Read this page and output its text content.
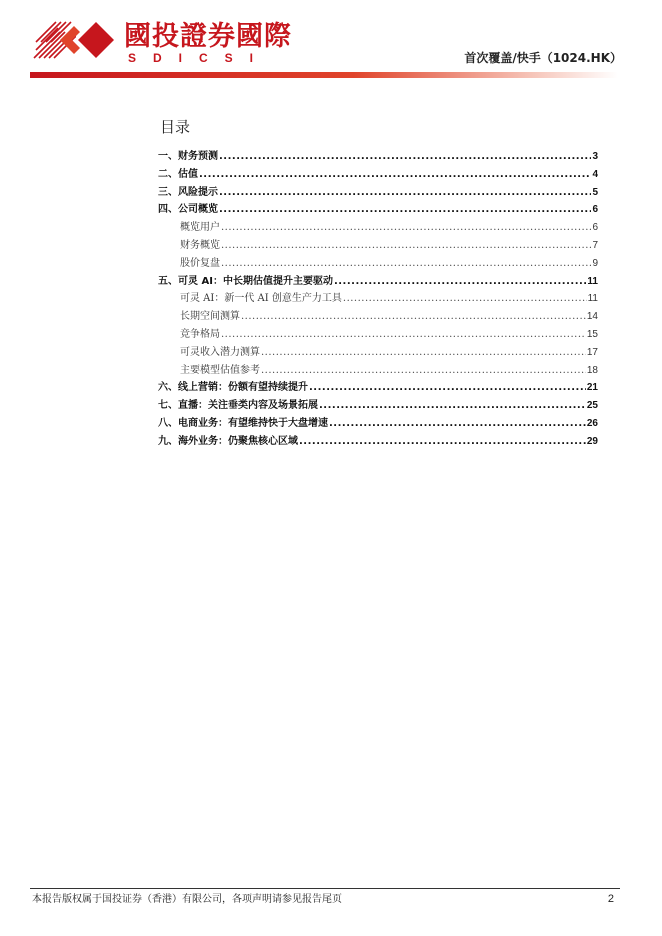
國投證券國際
SDICSI	首次覆盖/快手（1024.HK）
目录
一、财务预测 .....	3
二、估值 .....	4
三、风险提示 .....	5
四、公司概览 .....	6
概览用户 .....	6
财务概览 .....	7
股价复盘 .....	9
五、可灵 AI：中长期估值提升主要驱动 .....	11
可灵 AI：新一代 AI 创意生产力工具 .....	11
长期空间测算 .....	14
竞争格局 .....	15
可灵收入潜力测算 .....	17
主要模型估值参考 .....	18
六、线上营销：份额有望持续提升 .....	21
七、直播：关注垂类内容及场景拓展 .....	25
八、电商业务：有望维持快于大盘增速 .....	26
九、海外业务：仍聚焦核心区域 .....	29
本报告版权属于国投证券（香港）有限公司，各项声明请参见报告尾页	2
